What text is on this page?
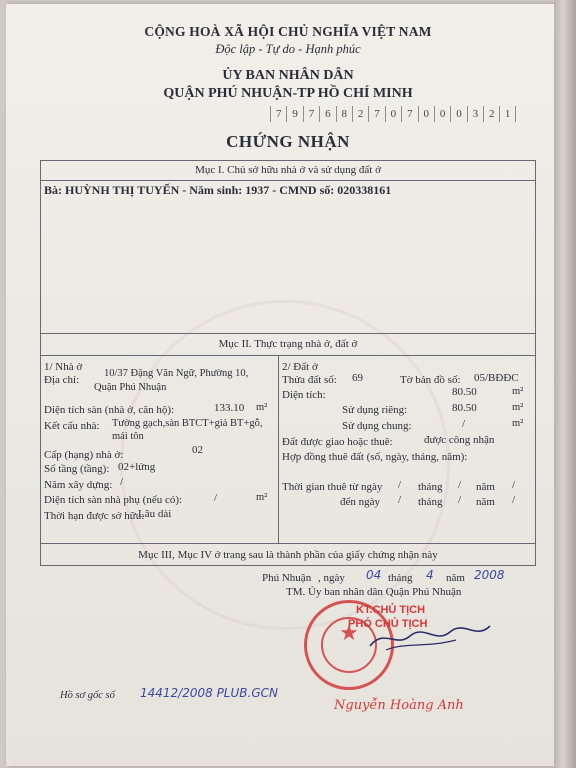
CỘNG HOÀ XÃ HỘI CHỦ NGHĨA VIỆT NAM
Độc lập - Tự do - Hạnh phúc
ỦY BAN NHÂN DÂN
QUẬN PHÚ NHUẬN-TP HỒ CHÍ MINH
7 9 7 6 8 2 7 0 7 0 0 0 3 2 1
CHỨNG NHẬN
Mục I. Chủ sở hữu nhà ở và sử dụng đất ở
Bà: HUỲNH THỊ TUYẾN - Năm sinh: 1937 - CMND số: 020338161
Mục II. Thực trạng nhà ở, đất ở
1/ Nhà ở
Địa chỉ:
10/37 Đặng Văn Ngữ, Phường 10,
Quận Phú Nhuận
Diện tích sàn (nhà ở, căn hộ):	133.10 m²
Kết cấu nhà: Tường gạch,sàn BTCT+giả BT+gỗ,
mái tôn
Cấp (hạng) nhà ở:	02
Số tầng (tầng): 02+lửng
Năm xây dựng: /
Diện tích sàn nhà phụ (nếu có):	/	m²
Thời hạn được sở hữu:
Lâu dài
2/ Đất ở
Thửa đất số: 69	Tờ bản đồ số: 05/BĐĐC
Diện tích:	80.50	m²
Sử dụng riêng:	80.50	m²
Sử dụng chung:	/	m²
Đất được giao hoặc thuê:	được công nhận
Hợp đồng thuê đất (số, ngày, tháng, năm):
Thời gian thuê từ ngày / tháng / năm /
đến ngày / tháng / năm /
Mục III, Mục IV ở trang sau là thành phần của giấy chứng nhận này
Phú Nhuận , ngày 04 tháng 4 năm 2008
TM. Ủy ban nhân dân Quận Phú Nhuận
★
KT.CHỦ TỊCH
PHÓ CHỦ TỊCH
Nguyễn Hoàng Anh
Hồ sơ gốc số 14412/2008 PLUB.GCN
